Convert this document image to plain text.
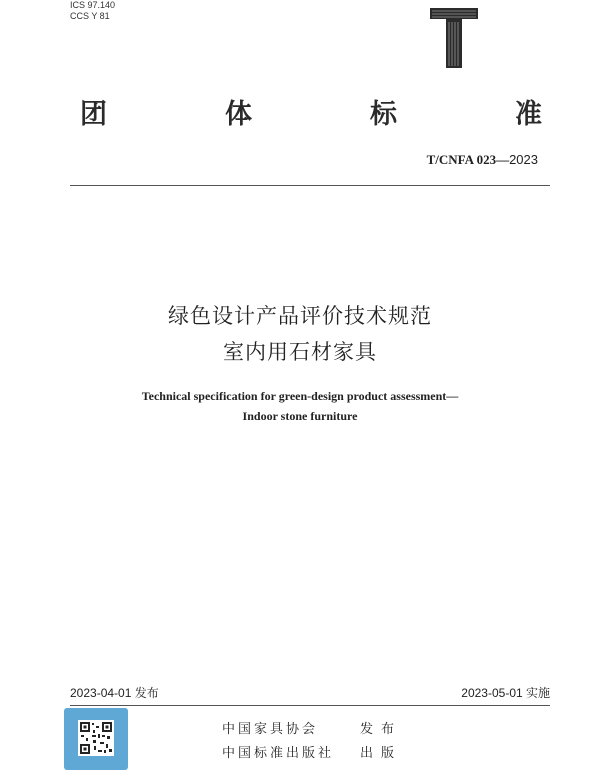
ICS 97.140
CCS Y 81
团	体	标	准
T/CNFA 023—2023
绿色设计产品评价技术规范
室内用石材家具
Technical specification for green-design product assessment—
Indoor stone furniture
2023-04-01 发布	2023-05-01 实施
中国家具协会	发布
中国标准出版社	出版
